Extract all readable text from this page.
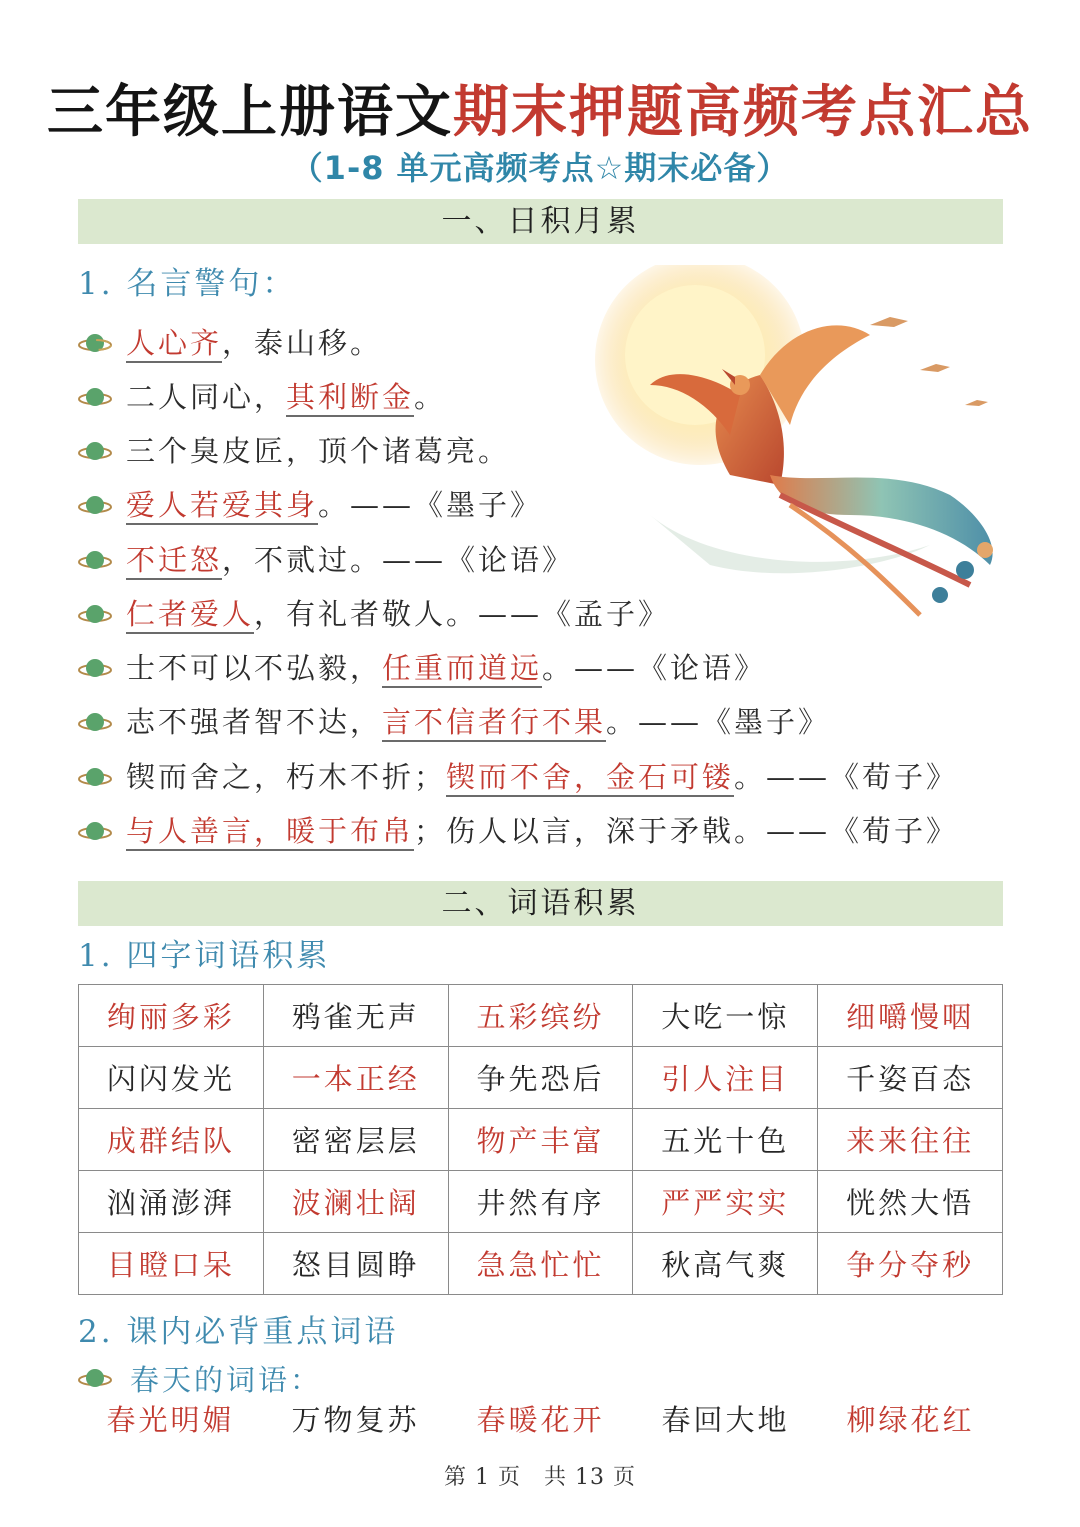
三年级上册语文期末押题高频考点汇总
（1-8 单元高频考点☆期末必备）
一、日积月累
1. 名言警句：
人心齐，泰山移。
二人同心，其利断金。
三个臭皮匠，顶个诸葛亮。
爱人若爱其身。——《墨子》
不迁怒，不贰过。——《论语》
仁者爱人，有礼者敬人。——《孟子》
士不可以不弘毅，任重而道远。——《论语》
志不强者智不达，言不信者行不果。——《墨子》
锲而舍之，朽木不折；锲而不舍，金石可镂。——《荀子》
与人善言，暖于布帛；伤人以言，深于矛戟。——《荀子》
二、词语积累
1. 四字词语积累
绚丽多彩	鸦雀无声	五彩缤纷	大吃一惊	细嚼慢咽
闪闪发光	一本正经	争先恐后	引人注目	千姿百态
成群结队	密密层层	物产丰富	五光十色	来来往往
汹涌澎湃	波澜壮阔	井然有序	严严实实	恍然大悟
目瞪口呆	怒目圆睁	急急忙忙	秋高气爽	争分夺秒
2. 课内必背重点词语
春天的词语：
春光明媚	万物复苏	春暖花开	春回大地	柳绿花红
第 1 页　共 13 页
